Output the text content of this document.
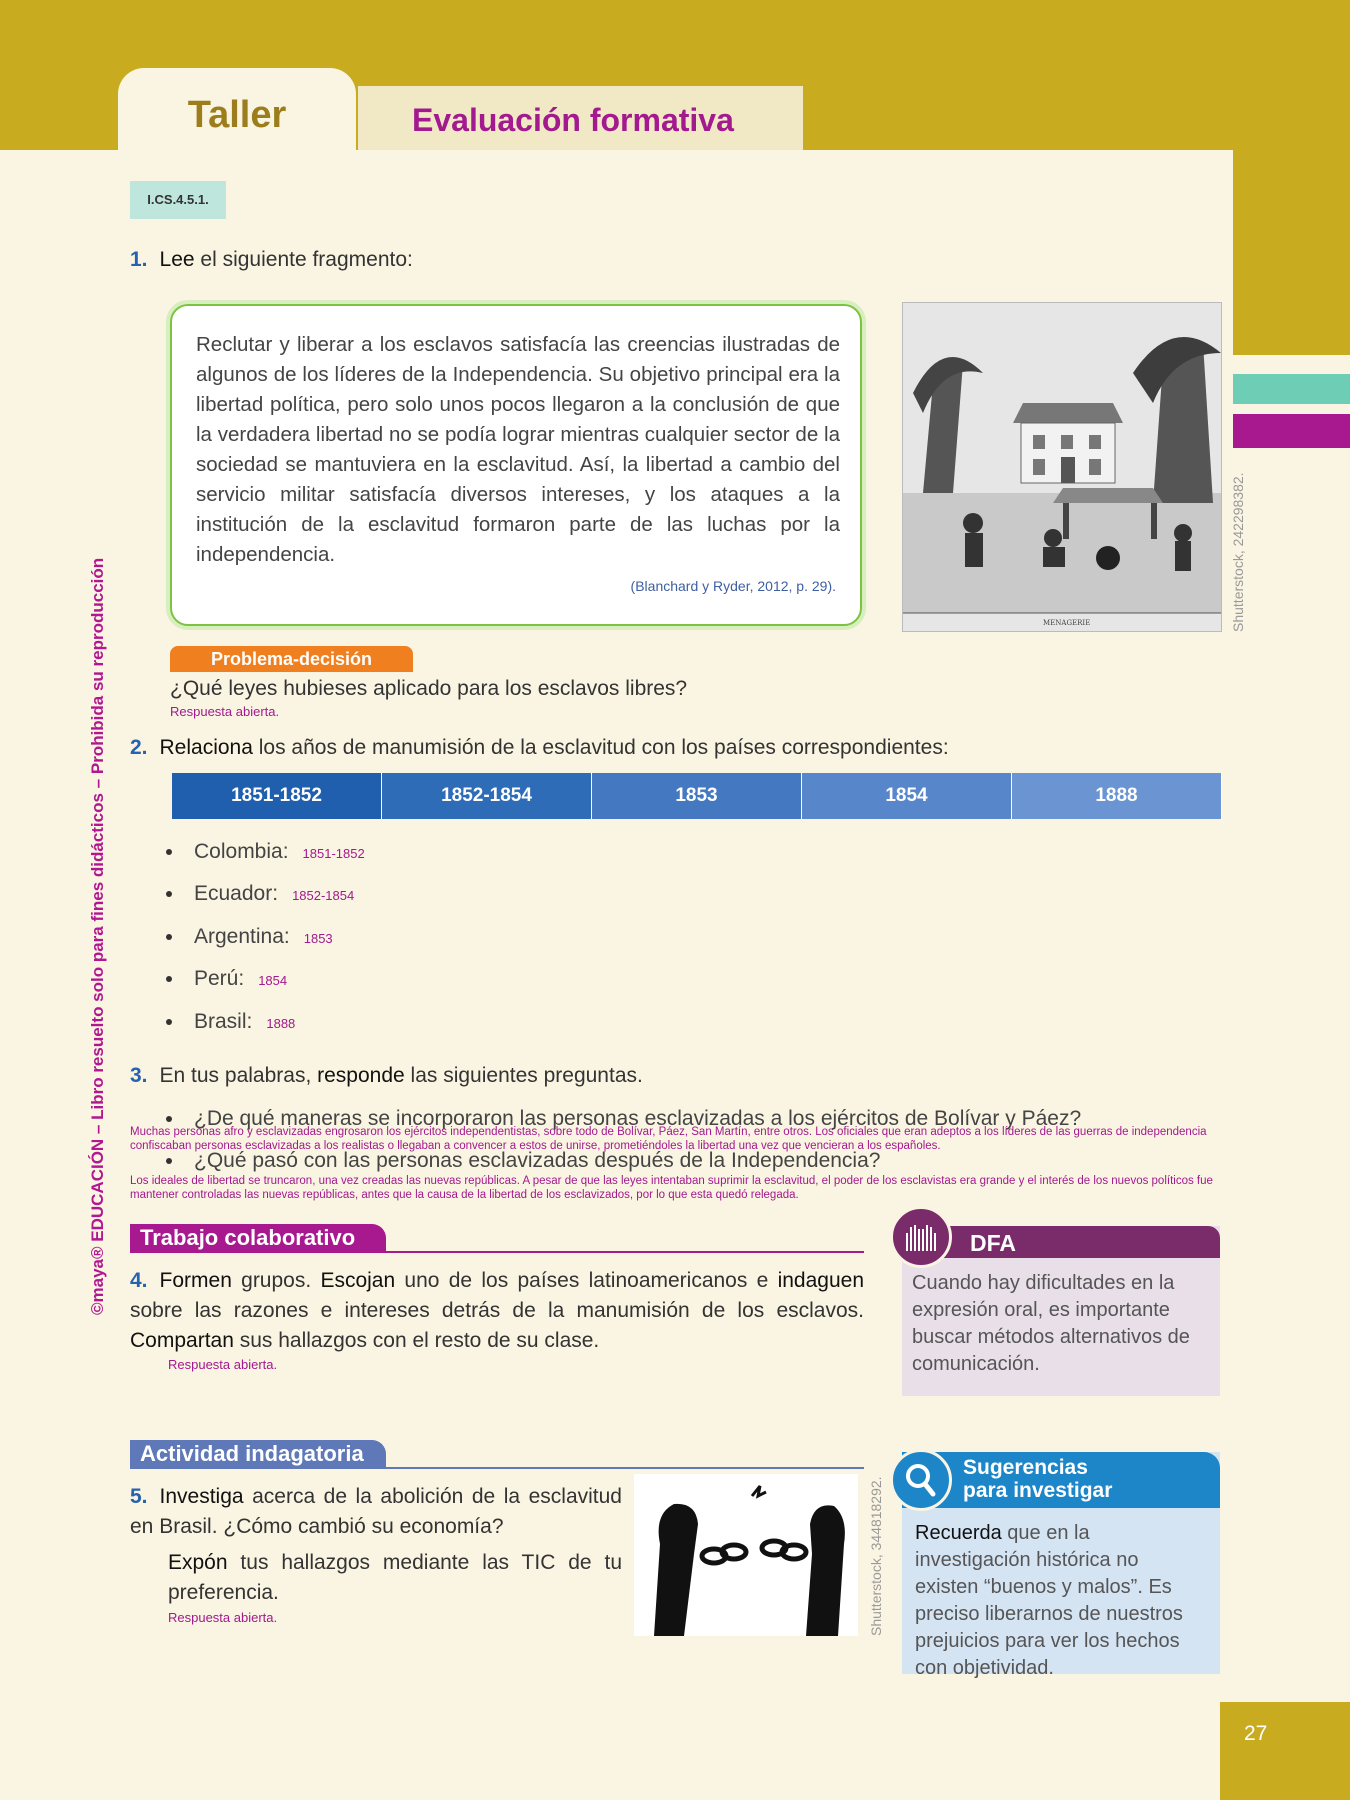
Taller	Evaluación formativa
I.CS.4.5.1.
©maya® EDUCACIÓN – Libro resuelto solo para fines didácticos – Prohibida su reproducción
1. Lee el siguiente fragmento:
Reclutar y liberar a los esclavos satisfacía las creencias ilustradas de algunos de los líderes de la Independencia. Su objetivo principal era la libertad política, pero solo unos pocos llegaron a la conclusión de que la verdadera libertad no se podía lograr mientras cualquier sector de la sociedad se mantuviera en la esclavitud. Así, la libertad a cambio del servicio militar satisfacía diversos intereses, y los ataques a la institución de la esclavitud formaron parte de las luchas por la independencia.
(Blanchard y Ryder, 2012, p. 29).
MENAGERIE	Shutterstock, 242298382.
Problema-decisión
¿Qué leyes hubieses aplicado para los esclavos libres?
Respuesta abierta.
2. Relaciona los años de manumisión de la esclavitud con los países correspondientes:
1851-1852	1852-1854	1853	1854	1888
Colombia: 1851-1852
Ecuador: 1852-1854
Argentina: 1853
Perú: 1854
Brasil: 1888
3. En tus palabras, responde las siguientes preguntas.
¿De qué maneras se incorporaron las personas esclavizadas a los ejércitos de Bolívar y Páez?
Muchas personas afro y esclavizadas engrosaron los ejércitos independentistas, sobre todo de Bolívar, Páez, San Martín, entre otros. Los oficiales que eran adeptos a los líderes de las guerras de independencia confiscaban personas esclavizadas a los realistas o llegaban a convencer a estos de unirse, prometiéndoles la libertad una vez que vencieran a los españoles.
¿Qué pasó con las personas esclavizadas después de la Independencia?
Los ideales de libertad se truncaron, una vez creadas las nuevas repúblicas. A pesar de que las leyes intentaban suprimir la esclavitud, el poder de los esclavistas era grande y el interés de los nuevos políticos fue mantener controladas las nuevas repúblicas, antes que la causa de la libertad de los esclavizados, por lo que esta quedó relegada.
Trabajo colaborativo
4. Formen grupos. Escojan uno de los países latinoamericanos e indaguen sobre las razones e intereses detrás de la manumisión de los esclavos. Compartan sus hallazgos con el resto de su clase.
Respuesta abierta.
DFA
Cuando hay dificultades en la expresión oral, es importante buscar métodos alternativos de comunicación.
Actividad indagatoria
5. Investiga acerca de la abolición de la esclavitud en Brasil. ¿Cómo cambió su economía?
Expón tus hallazgos mediante las TIC de tu preferencia.
Respuesta abierta.	Shutterstock, 344818292.
Sugerencias
para investigar
Recuerda que en la investigación histórica no existen “buenos y malos”. Es preciso liberarnos de nuestros prejuicios para ver los hechos con objetividad.
27
